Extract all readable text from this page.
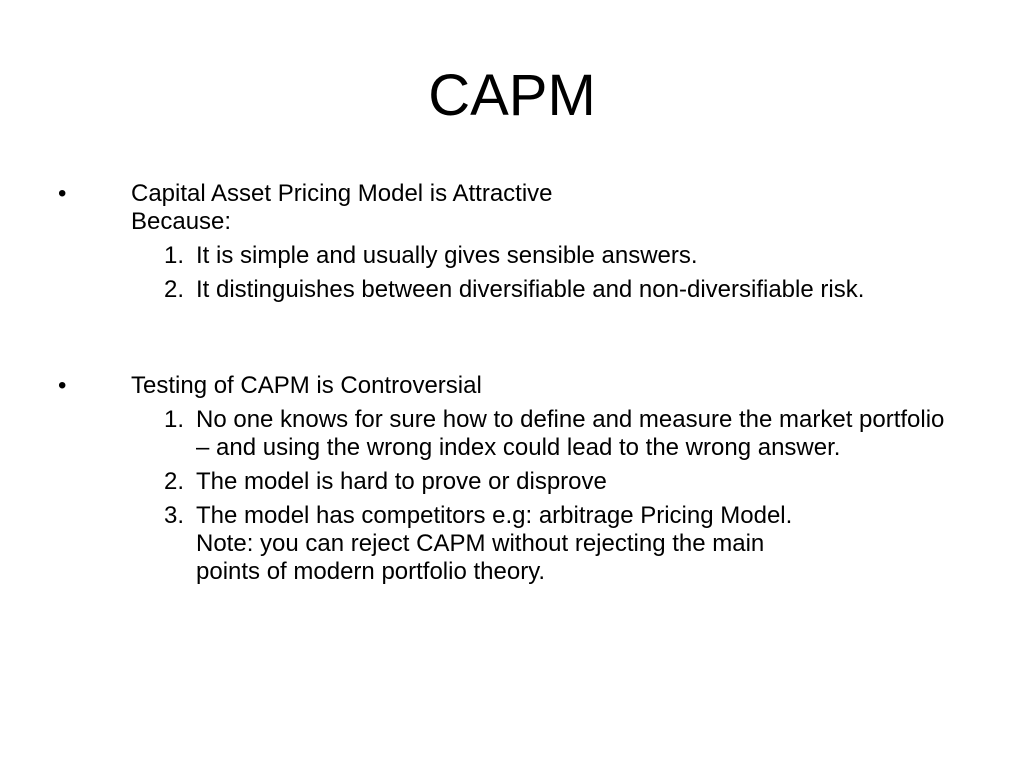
CAPM
•	Capital Asset Pricing Model is Attractive Because:
1. It is simple and usually gives sensible answers.
2. It distinguishes between diversifiable and non-diversifiable risk.
•	Testing of CAPM is Controversial
1. No one knows for sure how to define and measure the market portfolio – and using the wrong index could lead to the wrong answer.
2. The model is hard to prove or disprove
3. The model has competitors e.g: arbitrage Pricing Model. Note: you can reject CAPM without rejecting the main points of modern portfolio theory.
